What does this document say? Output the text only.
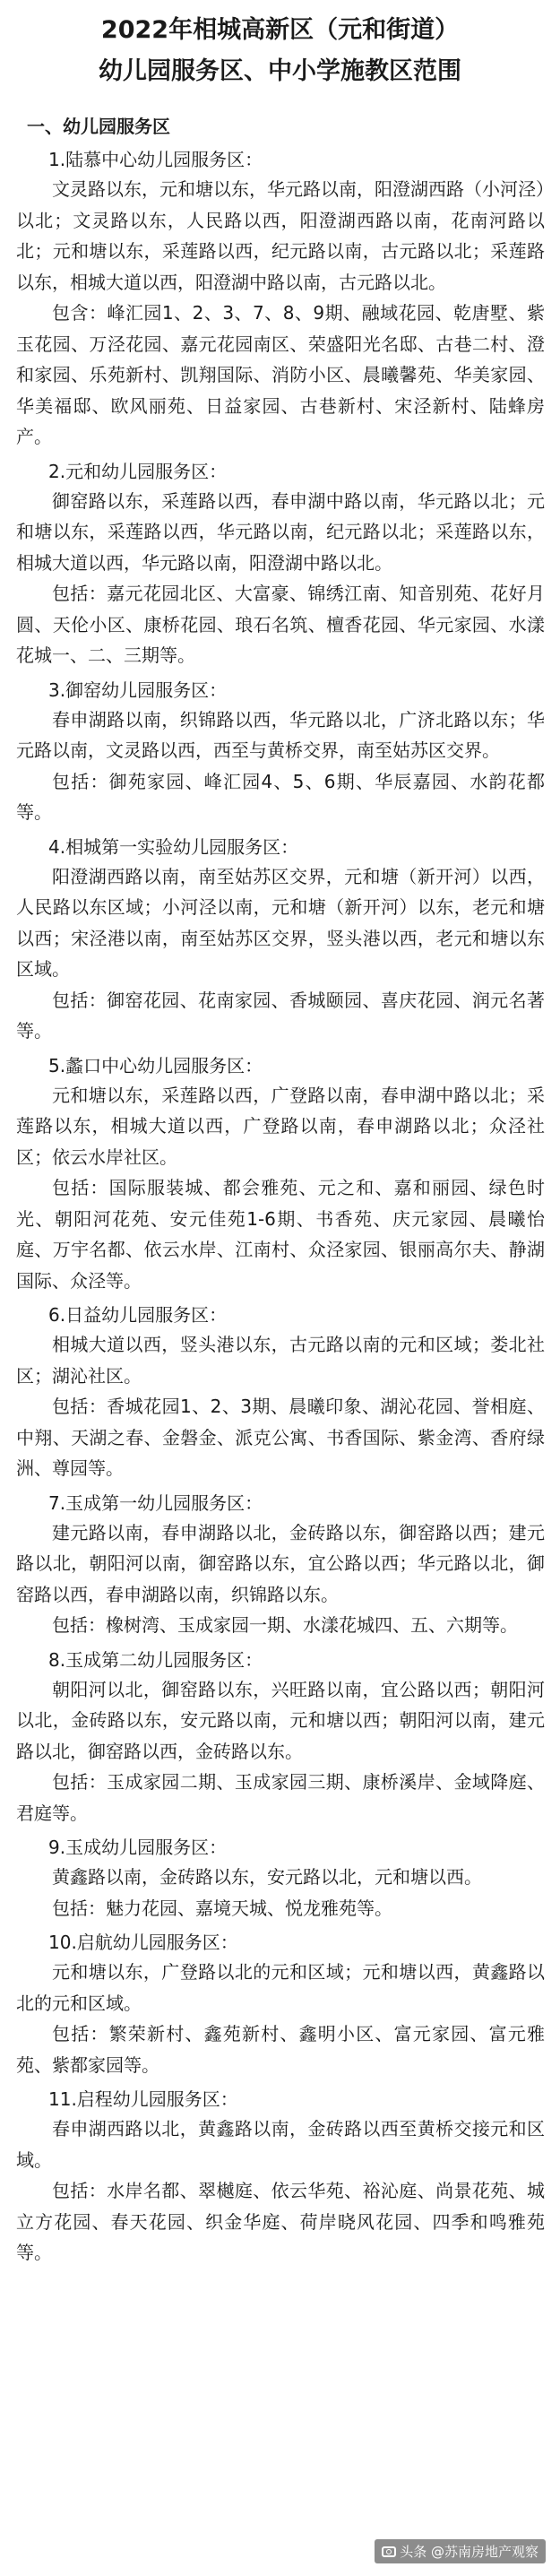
2022年相城高新区（元和街道）
幼儿园服务区、中小学施教区范围
一、幼儿园服务区
1.陆慕中心幼儿园服务区：

文灵路以东，元和塘以东，华元路以南，阳澄湖西路（小河泾）以北；文灵路以东，人民路以西，阳澄湖西路以南，花南河路以北；元和塘以东，采莲路以西，纪元路以南，古元路以北；采莲路以东，相城大道以西，阳澄湖中路以南，古元路以北。

包含：峰汇园1、2、3、7、8、9期、融域花园、乾唐墅、紫玉花园、万泾花园、嘉元花园南区、荣盛阳光名邸、古巷二村、澄和家园、乐苑新村、凯翔国际、消防小区、晨曦馨苑、华美家园、华美福邸、欧风丽苑、日益家园、古巷新村、宋泾新村、陆蜂房产。

2.元和幼儿园服务区：

御窑路以东，采莲路以西，春申湖中路以南，华元路以北；元和塘以东，采莲路以西，华元路以南，纪元路以北；采莲路以东，相城大道以西，华元路以南，阳澄湖中路以北。

包括：嘉元花园北区、大富豪、锦绣江南、知音别苑、花好月圆、天伦小区、康桥花园、琅石名筑、檀香花园、华元家园、水漾花城一、二、三期等。

3.御窑幼儿园服务区：

春申湖路以南，织锦路以西，华元路以北，广济北路以东；华元路以南，文灵路以西，西至与黄桥交界，南至姑苏区交界。

包括：御苑家园、峰汇园4、5、6期、华辰嘉园、水韵花都等。

4.相城第一实验幼儿园服务区：

阳澄湖西路以南，南至姑苏区交界，元和塘（新开河）以西，人民路以东区域；小河泾以南，元和塘（新开河）以东，老元和塘以西；宋泾港以南，南至姑苏区交界，竖头港以西，老元和塘以东区域。

包括：御窑花园、花南家园、香城颐园、喜庆花园、润元名著等。

5.蠡口中心幼儿园服务区：

元和塘以东，采莲路以西，广登路以南，春申湖中路以北；采莲路以东，相城大道以西，广登路以南，春申湖路以北；众泾社区；依云水岸社区。

包括：国际服装城、都会雅苑、元之和、嘉和丽园、绿色时光、朝阳河花苑、安元佳苑1-6期、书香苑、庆元家园、晨曦怡庭、万宇名都、依云水岸、江南村、众泾家园、银丽高尔夫、静湖国际、众泾等。

6.日益幼儿园服务区：

相城大道以西，竖头港以东，古元路以南的元和区域；娄北社区；湖沁社区。

包括：香城花园1、2、3期、晨曦印象、湖沁花园、誉相庭、中翔、天湖之春、金磐金、派克公寓、书香国际、紫金湾、香府绿洲、尊园等。

7.玉成第一幼儿园服务区：

建元路以南，春申湖路以北，金砖路以东，御窑路以西；建元路以北，朝阳河以南，御窑路以东，宜公路以西；华元路以北，御窑路以西，春申湖路以南，织锦路以东。

包括：橡树湾、玉成家园一期、水漾花城四、五、六期等。

8.玉成第二幼儿园服务区：

朝阳河以北，御窑路以东，兴旺路以南，宜公路以西；朝阳河以北，金砖路以东，安元路以南，元和塘以西；朝阳河以南，建元路以北，御窑路以西，金砖路以东。

包括：玉成家园二期、玉成家园三期、康桥溪岸、金域降庭、君庭等。

9.玉成幼儿园服务区：

黄鑫路以南，金砖路以东，安元路以北，元和塘以西。

包括：魅力花园、嘉境天城、悦龙雅苑等。

10.启航幼儿园服务区：

元和塘以东，广登路以北的元和区域；元和塘以西，黄鑫路以北的元和区域。

包括：繁荣新村、鑫苑新村、鑫明小区、富元家园、富元雅苑、紫都家园等。

11.启程幼儿园服务区：

春申湖西路以北，黄鑫路以南，金砖路以西至黄桥交接元和区域。

包括：水岸名都、翠樾庭、依云华苑、裕沁庭、尚景花苑、城立方花园、春天花园、织金华庭、荷岸晓风花园、四季和鸣雅苑等。

头条 @苏南房地产观察
